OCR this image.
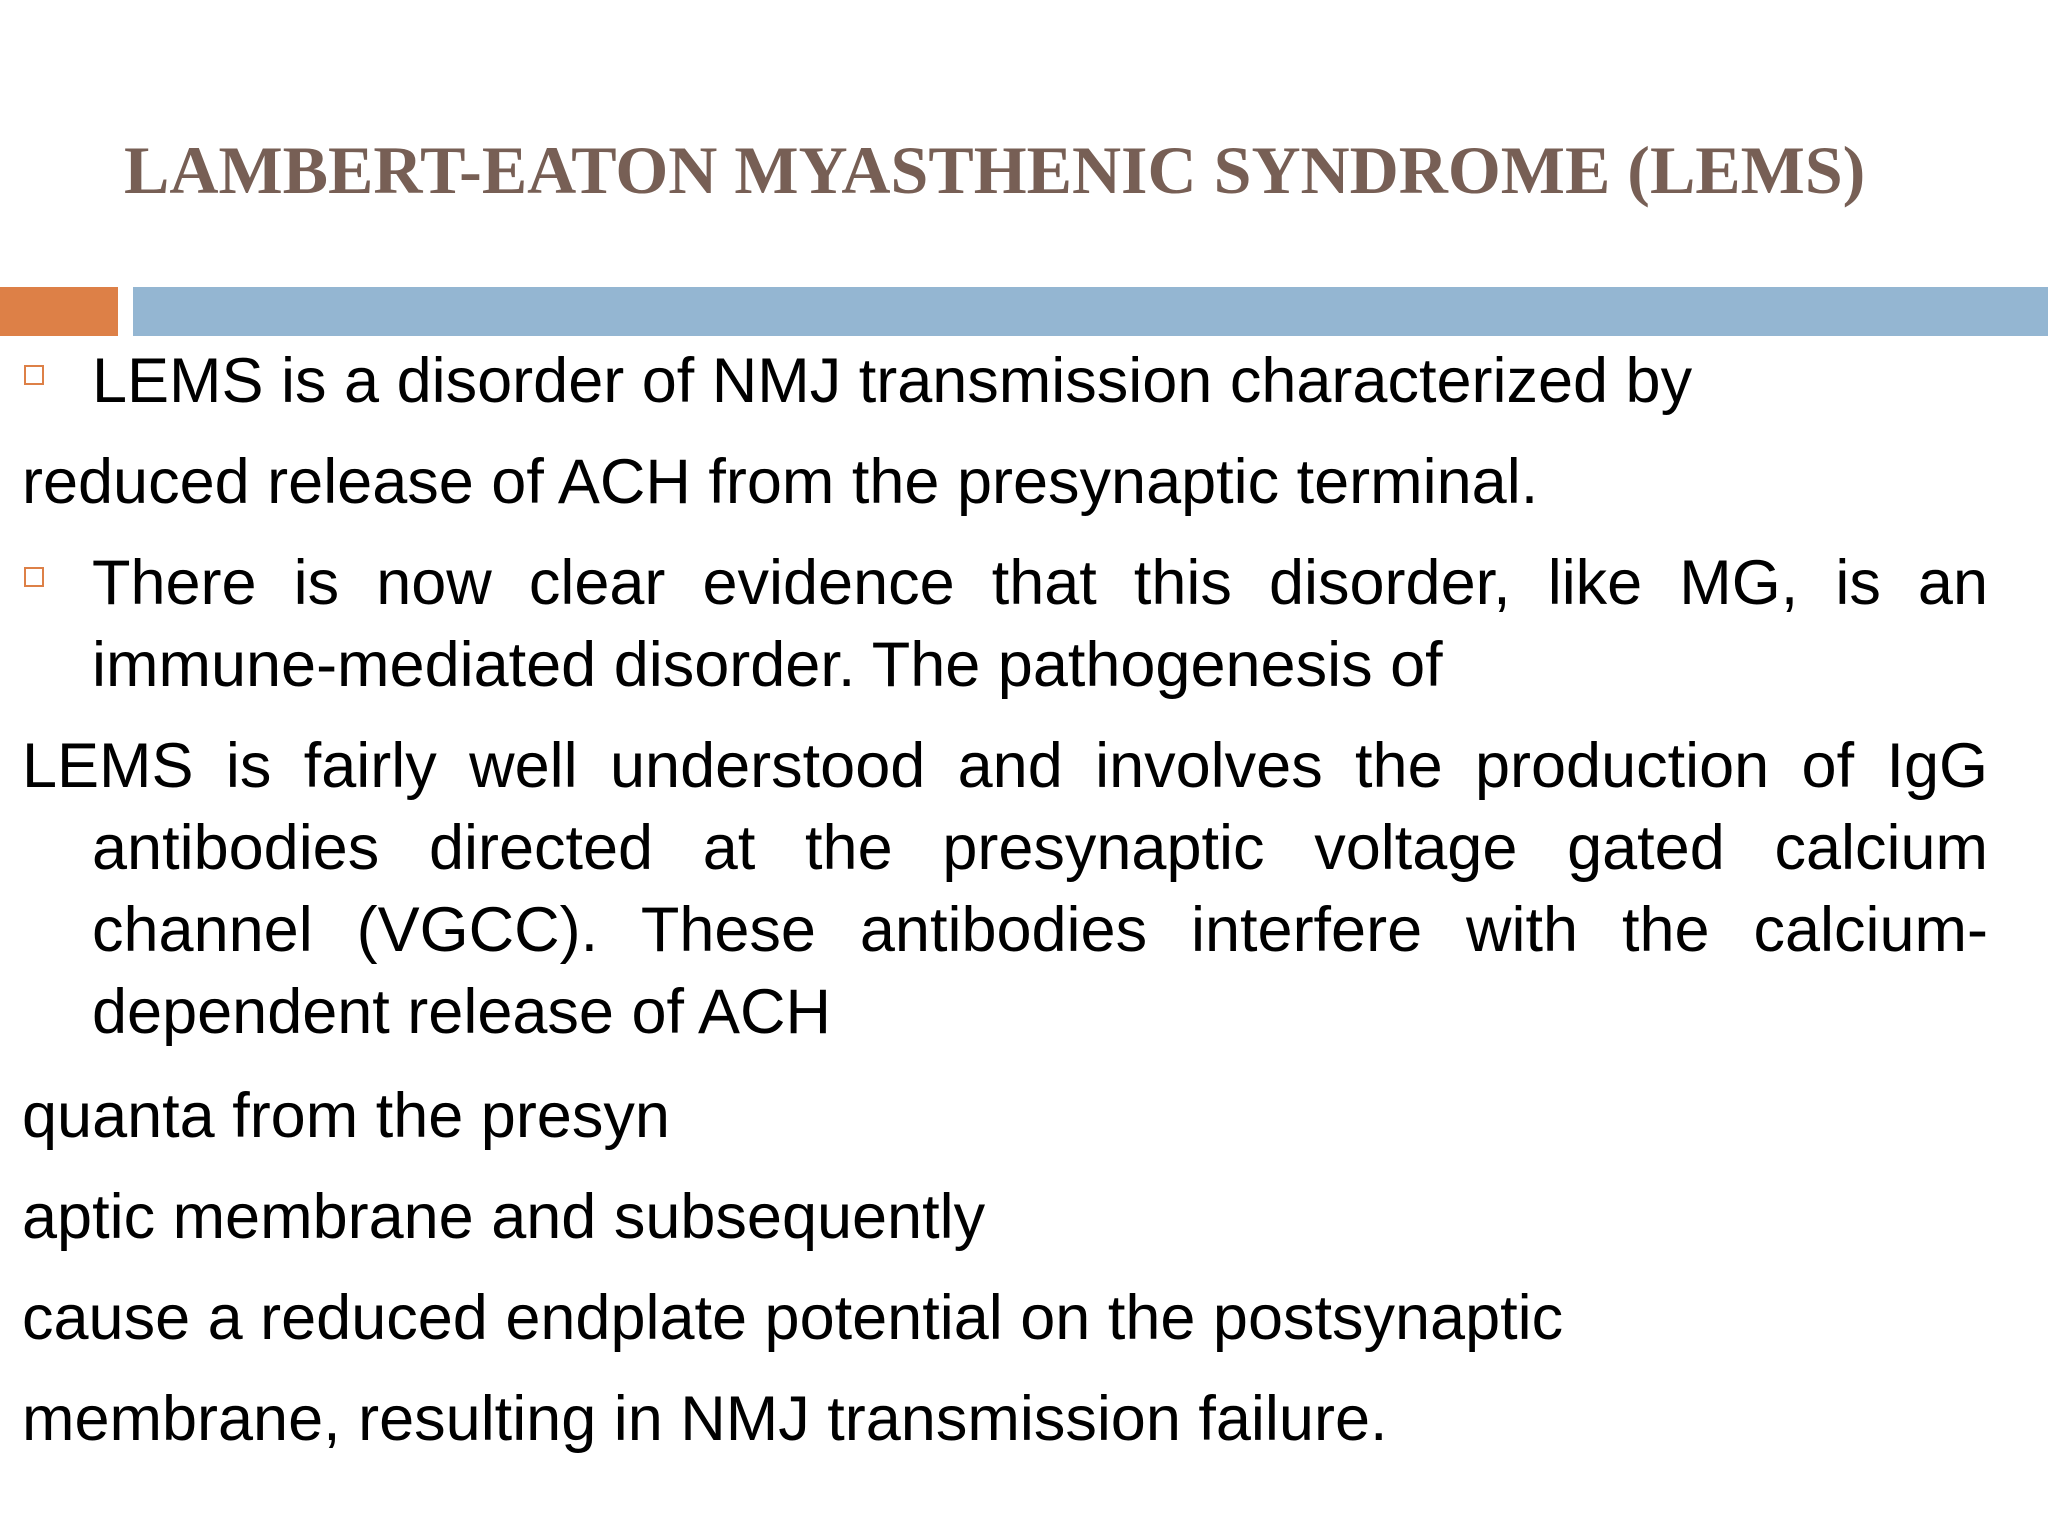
LAMBERT-EATON MYASTHENIC SYNDROME (LEMS)

LEMS is a disorder of NMJ transmission characterized by

reduced release of ACH from the presynaptic terminal.

There is now clear evidence that this disorder, like MG, is an
immune-mediated disorder. The pathogenesis of
LEMS is fairly well understood and involves the production of IgG
antibodies directed at the presynaptic voltage gated calcium
channel (VGCC). These antibodies interfere with the calcium-
dependent release of ACH

quanta from the presyn

aptic membrane and subsequently

cause a reduced endplate potential on the postsynaptic

membrane, resulting in NMJ transmission failure.
